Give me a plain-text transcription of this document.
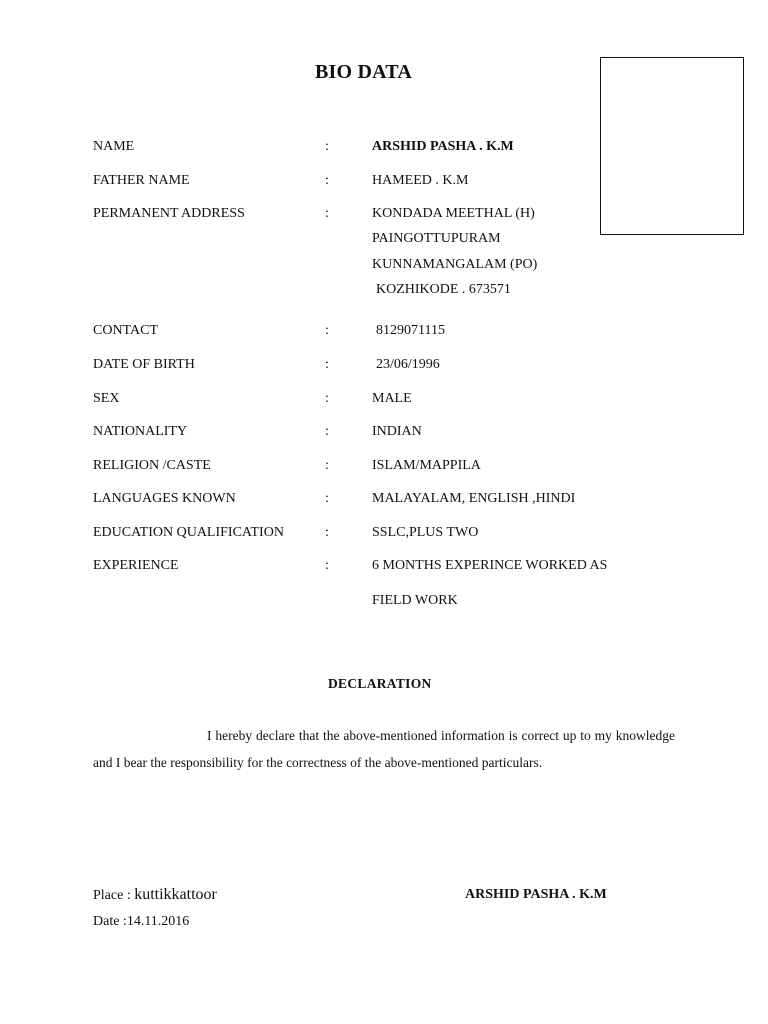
BIO DATA
NAME	:	ARSHID PASHA . K.M
FATHER NAME	:	HAMEED . K.M
PERMANENT ADDRESS	:	KONDADA MEETHAL (H)
PAINGOTTUPURAM
KUNNAMANGALAM (PO)
KOZHIKODE . 673571
CONTACT	:	8129071115
DATE OF BIRTH	:	23/06/1996
SEX	:	MALE
NATIONALITY	:	INDIAN
RELIGION /CASTE	:	ISLAM/MAPPILA
LANGUAGES KNOWN	:	MALAYALAM, ENGLISH ,HINDI
EDUCATION QUALIFICATION	:	SSLC,PLUS TWO
EXPERIENCE	:	6 MONTHS EXPERINCE WORKED AS
FIELD WORK
DECLARATION
I hereby declare that the above-mentioned information is correct up to my knowledge and I bear the responsibility for the correctness of the above-mentioned particulars.
Place : kuttikkattoor	ARSHID PASHA . K.M
Date :14.11.2016
